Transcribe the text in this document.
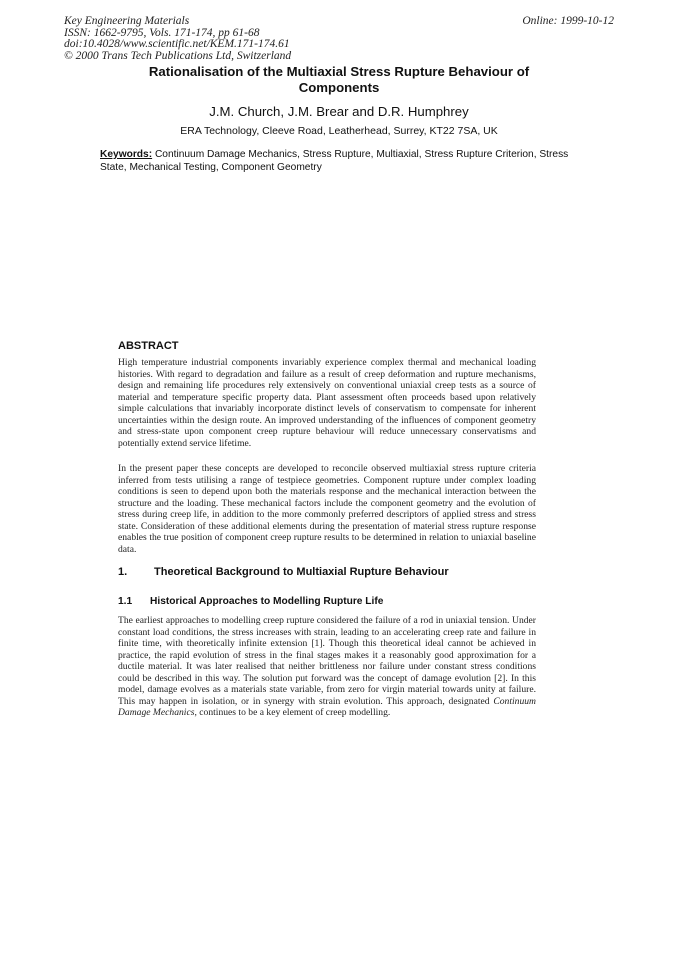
Key Engineering Materials
ISSN: 1662-9795, Vols. 171-174, pp 61-68
doi:10.4028/www.scientific.net/KEM.171-174.61
© 2000 Trans Tech Publications Ltd, Switzerland
Online: 1999-10-12
Rationalisation of the Multiaxial Stress Rupture Behaviour of Components
J.M. Church, J.M. Brear and D.R. Humphrey
ERA Technology, Cleeve Road, Leatherhead, Surrey, KT22 7SA, UK
Keywords: Continuum Damage Mechanics, Stress Rupture, Multiaxial, Stress Rupture Criterion, Stress State, Mechanical Testing, Component Geometry
ABSTRACT
High temperature industrial components invariably experience complex thermal and mechanical loading histories. With regard to degradation and failure as a result of creep deformation and rupture mechanisms, design and remaining life procedures rely extensively on conventional uniaxial creep tests as a source of material and temperature specific property data. Plant assessment often proceeds based upon relatively simple calculations that invariably incorporate distinct levels of conservatism to compensate for inherent uncertainties within the design route. An improved understanding of the influences of component geometry and stress-state upon component creep rupture behaviour will reduce unnecessary conservatisms and potentially extend service lifetime.
In the present paper these concepts are developed to reconcile observed multiaxial stress rupture criteria inferred from tests utilising a range of testpiece geometries. Component rupture under complex loading conditions is seen to depend upon both the materials response and the mechanical interaction between the structure and the loading. These mechanical factors include the component geometry and the evolution of stress during creep life, in addition to the more commonly preferred descriptors of applied stress and stress state. Consideration of these additional elements during the presentation of material stress rupture response enables the true position of component creep rupture results to be determined in relation to uniaxial baseline data.
1. Theoretical Background to Multiaxial Rupture Behaviour
1.1 Historical Approaches to Modelling Rupture Life
The earliest approaches to modelling creep rupture considered the failure of a rod in uniaxial tension. Under constant load conditions, the stress increases with strain, leading to an accelerating creep rate and failure in finite time, with theoretically infinite extension [1]. Though this theoretical ideal cannot be achieved in practice, the rapid evolution of stress in the final stages makes it a reasonably good approximation for a ductile material. It was later realised that neither brittleness nor failure under constant stress conditions could be described in this way. The solution put forward was the concept of damage evolution [2]. In this model, damage evolves as a materials state variable, from zero for virgin material towards unity at failure. This may happen in isolation, or in synergy with strain evolution. This approach, designated Continuum Damage Mechanics, continues to be a key element of creep modelling.
